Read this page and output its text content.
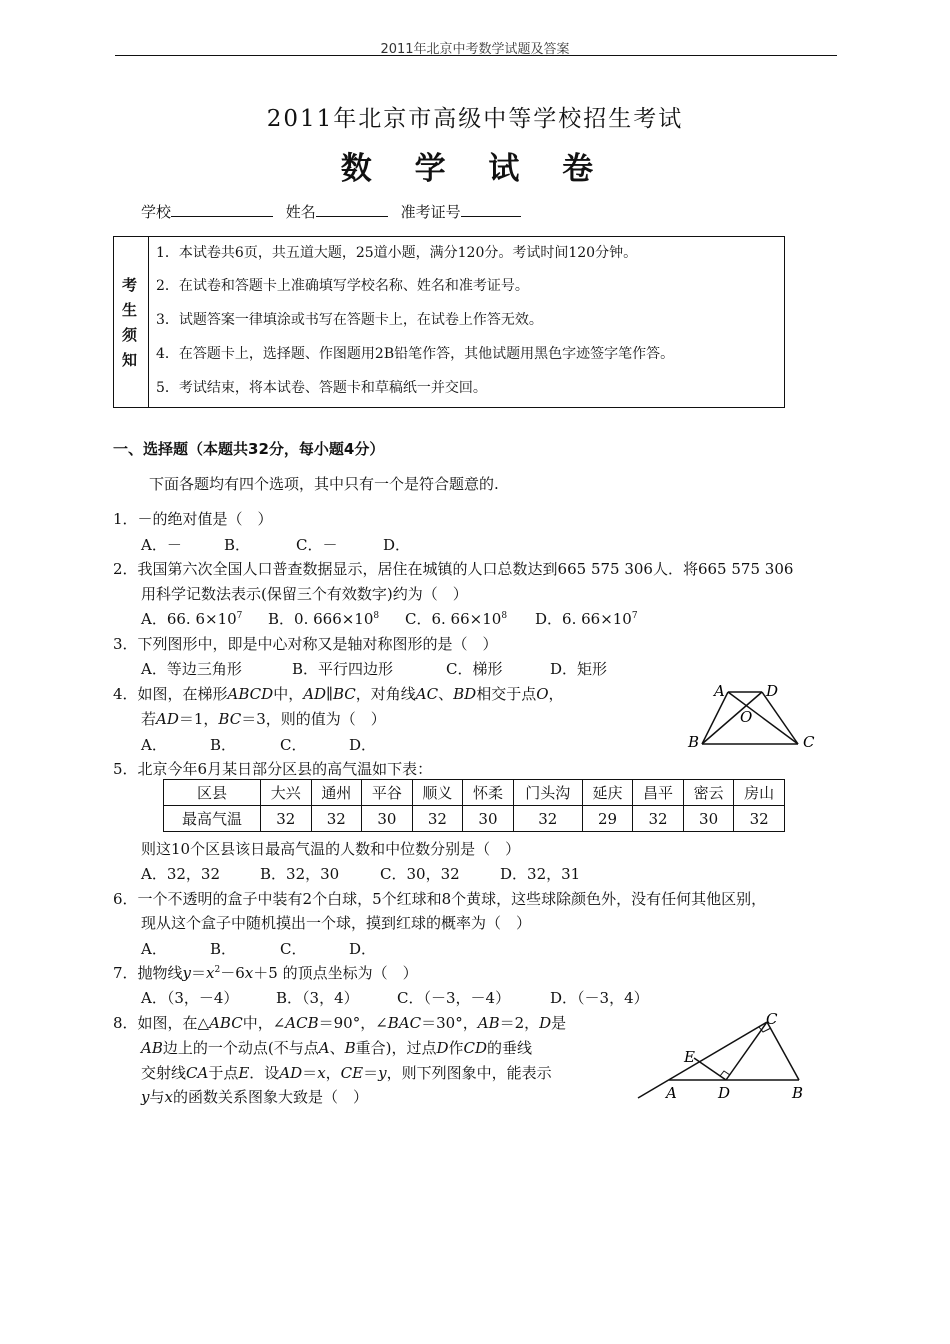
2011年北京中考数学试题及答案
2011年北京市高级中等学校招生考试
数 学 试 卷
学校	姓名	准考证号
考
生
须
知
1．本试卷共6页，共五道大题，25道小题，满分120分。考试时间120分钟。
2．在试卷和答题卡上准确填写学校名称、姓名和准考证号。
3．试题答案一律填涂或书写在答题卡上，在试卷上作答无效。
4．在答题卡上，选择题、作图题用2B铅笔作答，其他试题用黑色字迹签字笔作答。
5．考试结束，将本试卷、答题卡和草稿纸一并交回。
一、选择题（本题共32分，每小题4分）
下面各题均有四个选项，其中只有一个是符合题意的.
1．－的绝对值是（　）
A．－	B．	C．－	D．
2．我国第六次全国人口普查数据显示，居住在城镇的人口总数达到665 575 306人．将665 575 306
用科学记数法表示(保留三个有效数字)约为（　）
A．66. $6\times 10^7$ B．0. $666\times 10^8$ C．6. $66\times 10^8$ D．6. $66\times 10^7$
3．下列图形中，即是中心对称又是轴对称图形的是（　）
A．等边三角形	B．平行四边形	C．梯形	D．矩形
4．如图，在梯形ABCD中，AD∥BC，对角线AC、BD相交于点O，
若AD＝1，BC＝3，则的值为（　）
A．	B．	C．	D．
A	D
O
B	C
5．北京今年6月某日部分区县的高气温如下表：
区县	大兴	通州	平谷	顺义	怀柔	门头沟	延庆	昌平	密云	房山
最高气温	32	32	30	32	30	32	29	32	30	32
则这10个区县该日最高气温的人数和中位数分别是（　）
A．32，32	B．32，30	C．30，32	D．32，31
6．一个不透明的盒子中装有2个白球，5个红球和8个黄球，这些球除颜色外，没有任何其他区别，
现从这个盒子中随机摸出一个球，摸到红球的概率为（　）
A．	B．	C．	D．
7．抛物线$y=x^2-6x+5$ 的顶点坐标为（　）
A．（3，－4）	B．（3，4）	C．（－3，－4）	D．（－3，4）
8．如图，在△ABC中，∠ACB＝90°，∠BAC＝30°，AB＝2，D是
AB边上的一个动点(不与点A、B重合)，过点D作CD的垂线
交射线CA于点E．设AD＝x，CE＝y，则下列图象中，能表示
y与x的函数关系图象大致是（　）
C
E
A	D	B
